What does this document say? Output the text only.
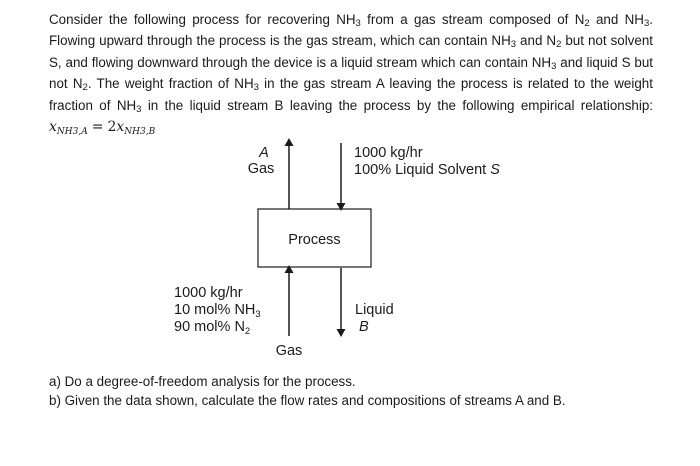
Consider the following process for recovering $NH_3$ from a gas stream composed of $N_2$ and $NH_3$. Flowing upward through the process is the gas stream, which can contain $NH_3$ and $N_2$ but not solvent S, and flowing downward through the device is a liquid stream which can contain $NH_3$ and liquid S but not $N_2$. The weight fraction of $NH_3$ in the gas stream A leaving the process is related to the weight fraction of $NH_3$ in the liquid stream B leaving the process by the following empirical relationship: $x_{NH3,A} = 2x_{NH3,B}$
Process
A
Gas
1000 kg/hr
100% Liquid Solvent S
1000 kg/hr
10 mol% $NH_3$
90 mol% $N_2$
Gas
Liquid
B
a) Do a degree-of-freedom analysis for the process.
b) Given the data shown, calculate the flow rates and compositions of streams A and B.
